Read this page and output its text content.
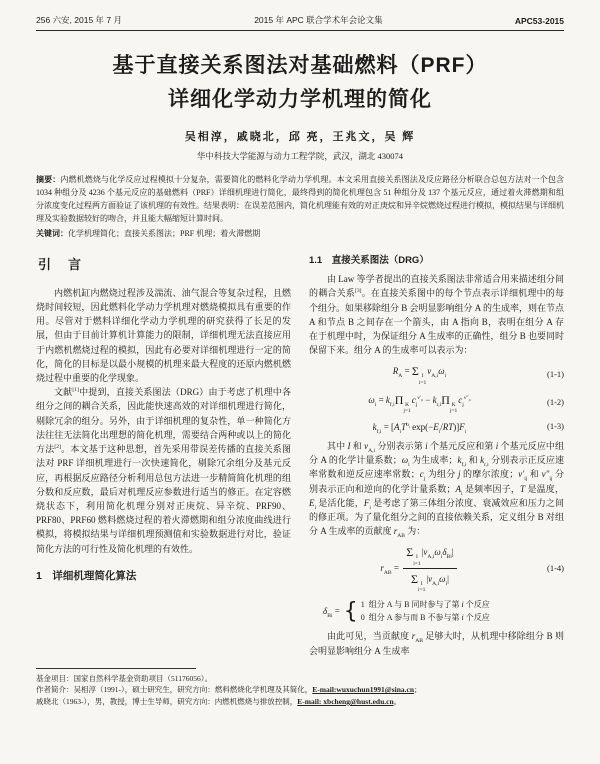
256 六安, 2015 年 7 月	2015 年 APC 联合学术年会论文集	APC53-2015
基于直接关系图法对基础燃料（PRF）
详细化学动力学机理的简化
吴相淳，戚晓北，邱 亮，王兆文，吴 辉
华中科技大学能源与动力工程学院，武汉，湖北 430074
摘要：内燃机燃烧与化学反应过程模拟十分复杂，需要简化的燃料化学动力学机理。本文采用直接关系图法及反应路径分析联合总包方法对一个包含 1034 种组分及 4236 个基元反应的基础燃料（PRF）详细机理进行简化，最终得到的简化机理包含 51 种组分及 137 个基元反应，通过着火滞燃期和组分浓度变化过程两方面验证了该机理的有效性。结果表明：在误差范围内，简化机理能有效的对正庚烷和异辛烷燃烧过程进行模拟，模拟结果与详细机理及实验数据较好的吻合，并且能大幅缩短计算时间。
关键词：化学机理简化；直接关系图法；PRF 机理；着火滞燃期
引　言

内燃机缸内燃烧过程涉及湍流、油气混合等复杂过程，且燃烧时间较短，因此燃料化学动力学机理对燃烧模拟具有重要的作用。尽管对于燃料详细化学动力学机理的研究获得了长足的发展，但由于目前计算机计算能力的限制，详细机理无法直接应用于内燃机燃烧过程的模拟，因此有必要对详细机理进行一定的简化，简化的目标是以最小规模的机理来最大程度的还原内燃机燃烧过程中重要的化学现象。

文献[1]中提到，直接关系图法（DRG）由于考虑了机理中各组分之间的耦合关系，因此能快速高效的对详细机理进行简化，剔除冗余的组分。另外，由于详细机理的复杂性，单一种简化方法往往无法简化出理想的简化机理，需要结合两种或以上的简化方法[2]。本文基于这种思想，首先采用带误差传播的直接关系图法对 PRF 详细机理进行一次快速简化，剔除冗余组分及基元反应，再根据反应路径分析利用总包方法进一步精简简化机理的组分数和反应数，最后对机理反应参数进行适当的修正。在定容燃烧状态下，利用简化机理分别对正庚烷、异辛烷、PRF90、PRF80、PRF60 燃料燃烧过程的着火滞燃期和组分浓度曲线进行模拟，将模拟结果与详细机理预测值和实验数据进行对比，验证简化方法的可行性及简化机理的有效性。

1　详细机理简化算法
1.1　直接关系图法（DRG）

由 Law 等学者提出的直接关系图法非常适合用来描述组分间的耦合关系[3]。在直接关系图中的每个节点表示详细机理中的每个组分。如果移除组分 B 会明显影响组分 A 的生成率，则在节点 A 和节点 B 之间存在一个箭头，由 A 指向 B，表明在组分 A 存在于机理中时，为保证组分 A 生成率的正确性，组分 B 也要同时保留下来。组分 A 的生成率可以表示为：

$R_A = \Sigma$ I
i=1
$\nu_{A,i}\omega_i$	(1-1)
$\omega_i = k_{f,i}\Pi$ K
j=1
$c_j^{\nu'_{ji}} - k_{r,i}\Pi$ K
j=1
$c_j^{\nu''_{ji}}$	(1-2)
$k_{f,i} = [A_iT^{b_i}$ $\exp(-E_i/RT)]F_i$
(1-3)

其中 I 和 $\nu_{A,i}$ 分别表示第 i 个基元反应和第 i 个基元反应中组分 A 的化学计量系数；$\omega_i$ 为生成率；$k_{f,i}$ 和 $k_{r,i}$ 分别表示正反应速率常数和逆反应速率常数；$c_j$ 为组分 j 的摩尔浓度；$\nu'_{ij}$ 和 $\nu''_{ij}$ 分别表示正向和逆向的化学计量系数；$A_i$ 是频率因子，T 是温度，$E_i$ 是活化能，$F_i$ 是考虑了第三体组分浓度、衰减效应和压力之间的修正项。为了量化组分之间的直接依赖关系，定义组分 B 对组分 A 生成率的贡献度 $r_{AB}$ 为：

$r_{AB} = \Sigma$ I
i=1
$|\nu_{A,i}\omega_i\delta_{Bi}|$
Σ I
i=1
$|\nu_{A,i}\omega_i|$	(1-4)
$\delta_{Bi}$ = { 1  组分 A 与 B 同时参与了第 i 个反应
0  组分 A 参与而 B 不参与第 i 个反应

由此可见，当贡献度 $r_{AB}$ 足够大时，从机理中移除组分 B 则会明显影响组分 A 生成率

基金项目：国家自然科学基金资助项目（51176056）。
作者简介：吴相淳（1991-），硕士研究生，研究方向：燃料燃烧化学机理及其简化，E-mail:wuxuchun1991@sina.cn；
戚晓北（1963-），男，教授，博士生导师，研究方向：内燃机燃烧与排放控制，E-mail: xbcheng@hust.edu.cn。
